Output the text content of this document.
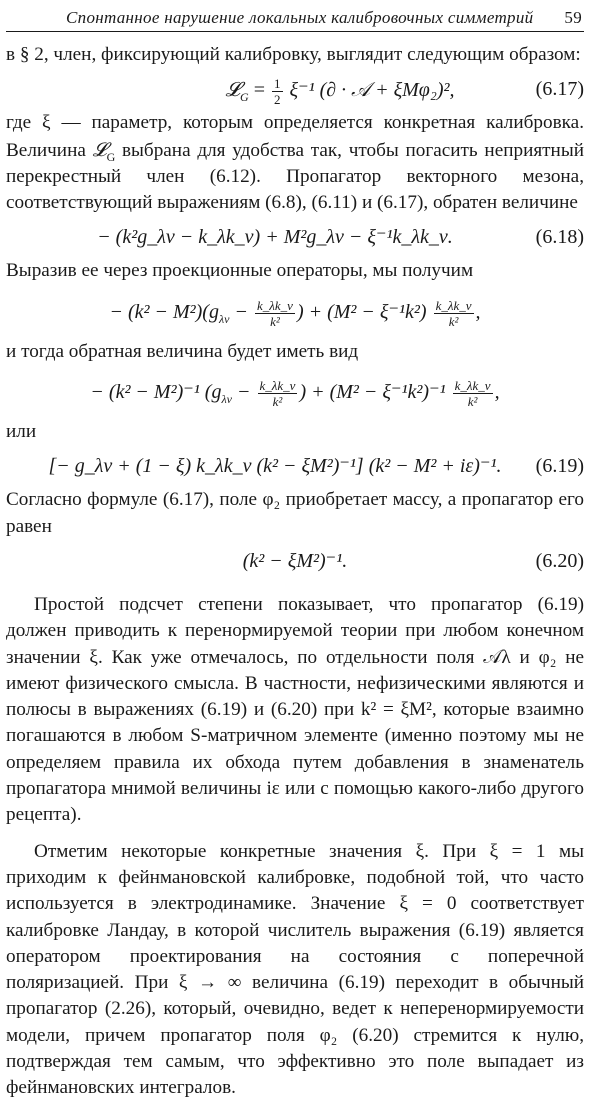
Спонтанное нарушение локальных калибровочных симметрий 59

в § 2, член, фиксирующий калибровку, выглядит следующим образом:

𝓛$_G$ = $\frac{1}{2} \xi^{-1}$ (∂ · 𝒜 + ξMφ₂)²,	(6.17)

где ξ — параметр, которым определяется конкретная калибровка. Величина 𝓛$_G$ выбрана для удобства так, чтобы погасить неприятный перекрестный член (6.12). Пропагатор векторного мезона, соответствующий выражениям (6.8), (6.11) и (6.17), обратен величине

− (k²g_λν − k_λk_ν) + M²g_λν − ξ⁻¹k_λk_ν.	(6.18)

Выразив ее через проекционные операторы, мы получим

− $(k^2 - M^2)(g_{\lambda\nu} - \frac{k\_\lambda k\_\nu}{\text{k²}}$ ) + $(M^2 - \xi^{-1}k^2) \frac{k\_\lambda k\_\nu}{\text{k²}}$ ,

и тогда обратная величина будет иметь вид

− (k² − M²)⁻¹ ($g_{\lambda\nu} - \frac{k\_\lambda k\_\nu}{\text{k²}}$ ) + $(M^2 - \xi^{-1}k^2)^{-1} \frac{k\_\lambda k\_\nu}{\text{k²}}$ ,

или

[− g_λν + (1 − ξ) k_λk_ν (k² − ξM²)⁻¹] (k² − M² + iε)⁻¹. (6.19)

Согласно формуле (6.17), поле φ₂ приобретает массу, а пропагатор его равен

(k² − ξM²)⁻¹.	(6.20)

Простой подсчет степени показывает, что пропагатор (6.19) должен приводить к перенормируемой теории при любом конечном значении ξ. Как уже отмечалось, по отдельности поля 𝒜λ и φ₂ не имеют физического смысла. В частности, нефизическими являются и полюсы в выражениях (6.19) и (6.20) при k² = ξM², которые взаимно погашаются в любом S-матричном элементе (именно поэтому мы не определяем правила их обхода путем добавления в знаменатель пропагатора мнимой величины iε или с помощью какого-либо другого рецепта).

Отметим некоторые конкретные значения ξ. При ξ = 1 мы приходим к фейнмановской калибровке, подобной той, что часто используется в электродинамике. Значение ξ = 0 соответствует калибровке Ландау, в которой числитель выражения (6.19) является оператором проектирования на состояния с поперечной поляризацией. При ξ → ∞ величина (6.19) переходит в обычный пропагатор (2.26), который, очевидно, ведет к неперенормируемости модели, причем пропагатор поля φ₂ (6.20) стремится к нулю, подтверждая тем самым, что эффективно это поле выпадает из фейнмановских интегралов.
